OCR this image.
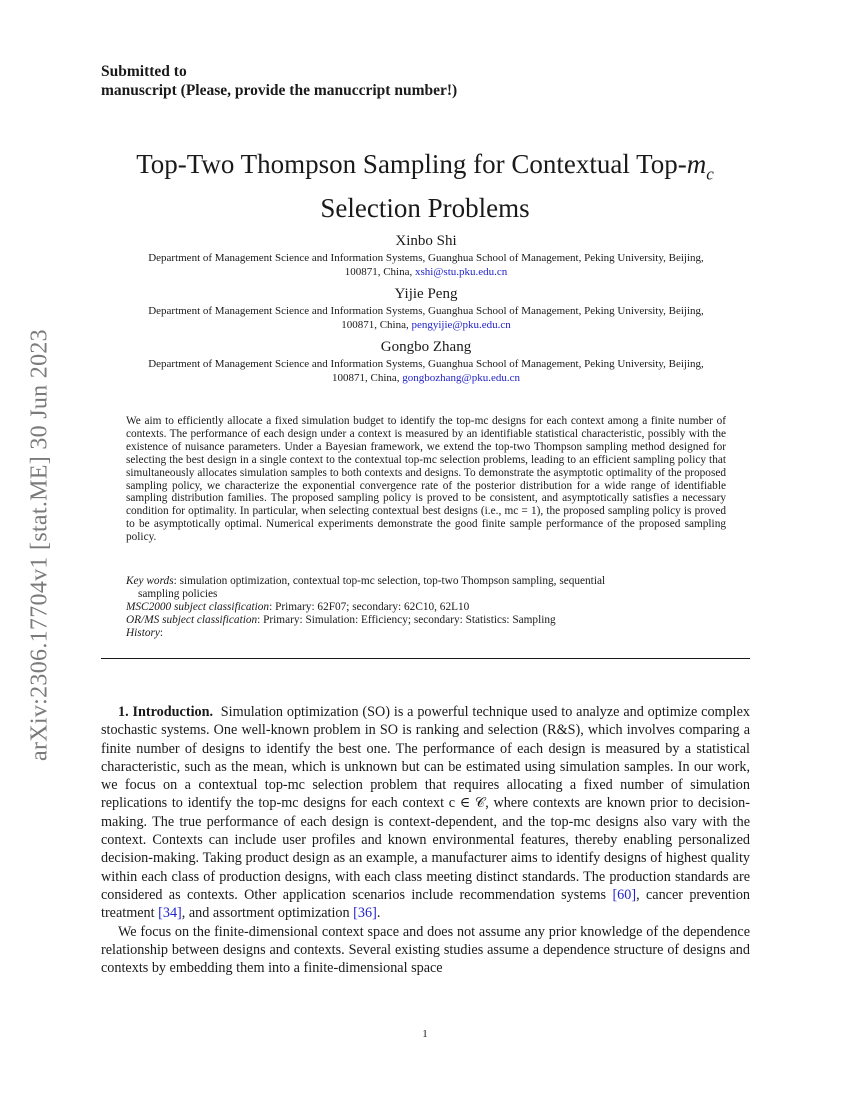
arXiv:2306.17704v1 [stat.ME] 30 Jun 2023
Submitted to
manuscript (Please, provide the manuccript number!)
Top-Two Thompson Sampling for Contextual Top-$m_c$
Selection Problems
Xinbo Shi
Department of Management Science and Information Systems, Guanghua School of Management, Peking University, Beijing,
100871, China, xshi@stu.pku.edu.cn
Yijie Peng
Department of Management Science and Information Systems, Guanghua School of Management, Peking University, Beijing,
100871, China, pengyijie@pku.edu.cn
Gongbo Zhang
Department of Management Science and Information Systems, Guanghua School of Management, Peking University, Beijing,
100871, China, gongbozhang@pku.edu.cn

We aim to efficiently allocate a fixed simulation budget to identify the top-mc designs for each context among a finite number of contexts. The performance of each design under a context is measured by an identifiable statistical characteristic, possibly with the existence of nuisance parameters. Under a Bayesian framework, we extend the top-two Thompson sampling method designed for selecting the best design in a single context to the contextual top-mc selection problems, leading to an efficient sampling policy that simultaneously allocates simulation samples to both contexts and designs. To demonstrate the asymptotic optimality of the proposed sampling policy, we characterize the exponential convergence rate of the posterior distribution for a wide range of identifiable sampling distribution families. The proposed sampling policy is proved to be consistent, and asymptotically satisfies a necessary condition for optimality. In particular, when selecting contextual best designs (i.e., mc = 1), the proposed sampling policy is proved to be asymptotically optimal. Numerical experiments demonstrate the good finite sample performance of the proposed sampling policy.

Key words: simulation optimization, contextual top-mc selection, top-two Thompson sampling, sequential
sampling policies
MSC2000 subject classification: Primary: 62F07; secondary: 62C10, 62L10
OR/MS subject classification: Primary: Simulation: Efficiency; secondary: Statistics: Sampling
History:

1. Introduction. Simulation optimization (SO) is a powerful technique used to analyze and optimize complex stochastic systems. One well-known problem in SO is ranking and selection (R&S), which involves comparing a finite number of designs to identify the best one. The performance of each design is measured by a statistical characteristic, such as the mean, which is unknown but can be estimated using simulation samples. In our work, we focus on a contextual top-mc selection problem that requires allocating a fixed number of simulation replications to identify the top-mc designs for each context c ∈ 𝒞, where contexts are known prior to decision-making. The true performance of each design is context-dependent, and the top-mc designs also vary with the context. Contexts can include user profiles and known environmental features, thereby enabling personalized decision-making. Taking product design as an example, a manufacturer aims to identify designs of highest quality within each class of production designs, with each class meeting distinct standards. The production standards are considered as contexts. Other application scenarios include recommendation systems [60], cancer prevention treatment [34], and assortment optimization [36].

We focus on the finite-dimensional context space and does not assume any prior knowledge of the dependence relationship between designs and contexts. Several existing studies assume a dependence structure of designs and contexts by embedding them into a finite-dimensional space

1
